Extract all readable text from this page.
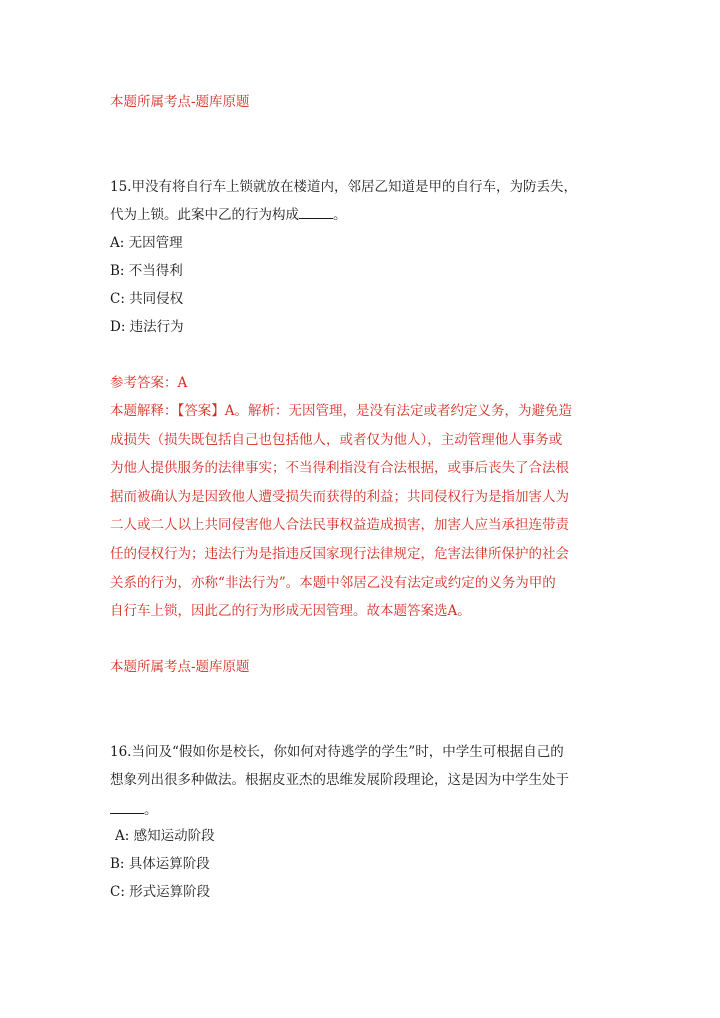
本题所属考点-题库原题
15.甲没有将自行车上锁就放在楼道内，邻居乙知道是甲的自行车，为防丢失，
代为上锁。此案中乙的行为构成	。
A: 无因管理
B: 不当得利
C: 共同侵权
D: 违法行为
参考答案：A
本题解释：【答案】A。解析：无因管理，是没有法定或者约定义务，为避免造
成损失（损失既包括自己也包括他人，或者仅为他人），主动管理他人事务或
为他人提供服务的法律事实；不当得利指没有合法根据，或事后丧失了合法根
据而被确认为是因致他人遭受损失而获得的利益；共同侵权行为是指加害人为
二人或二人以上共同侵害他人合法民事权益造成损害，加害人应当承担连带责
任的侵权行为；违法行为是指违反国家现行法律规定，危害法律所保护的社会
关系的行为，亦称“非法行为”。本题中邻居乙没有法定或约定的义务为甲的
自行车上锁，因此乙的行为形成无因管理。故本题答案选A。
本题所属考点-题库原题
16.当问及“假如你是校长，你如何对待逃学的学生”时，中学生可根据自己的
想象列出很多种做法。根据皮亚杰的思维发展阶段理论，这是因为中学生处于
。
A: 感知运动阶段
B: 具体运算阶段
C: 形式运算阶段
